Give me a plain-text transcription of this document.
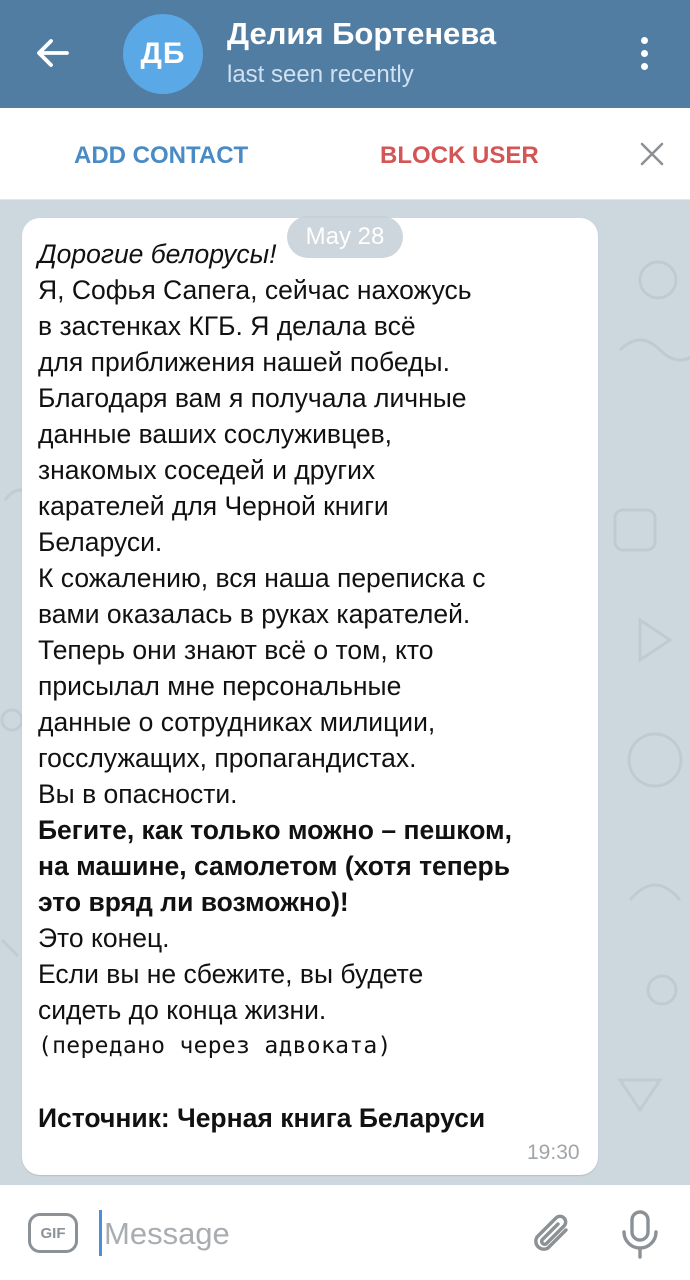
ДБ
Делия Бортенева
last seen recently
ADD CONTACT	BLOCK USER
Дорогие белорусы!
Я, Софья Сапега, сейчас нахожусь
в застенках КГБ. Я делала всё
для приближения нашей победы.
Благодаря вам я получала личные
данные ваших сослуживцев,
знакомых соседей и других
карателей для Черной книги
Беларуси.
К сожалению, вся наша переписка с
вами оказалась в руках карателей.
Теперь они знают всё о том, кто
присылал мне персональные
данные о сотрудниках милиции,
госслужащих, пропагандистах.
Вы в опасности.
Бегите, как только можно – пешком,
на машине, самолетом (хотя теперь
это вряд ли возможно)!
Это конец.
Если вы не сбежите, вы будете
сидеть до конца жизни.
(передано через адвоката)

Источник: Черная книга Беларуси
19:30
May 28
GIF
Message
